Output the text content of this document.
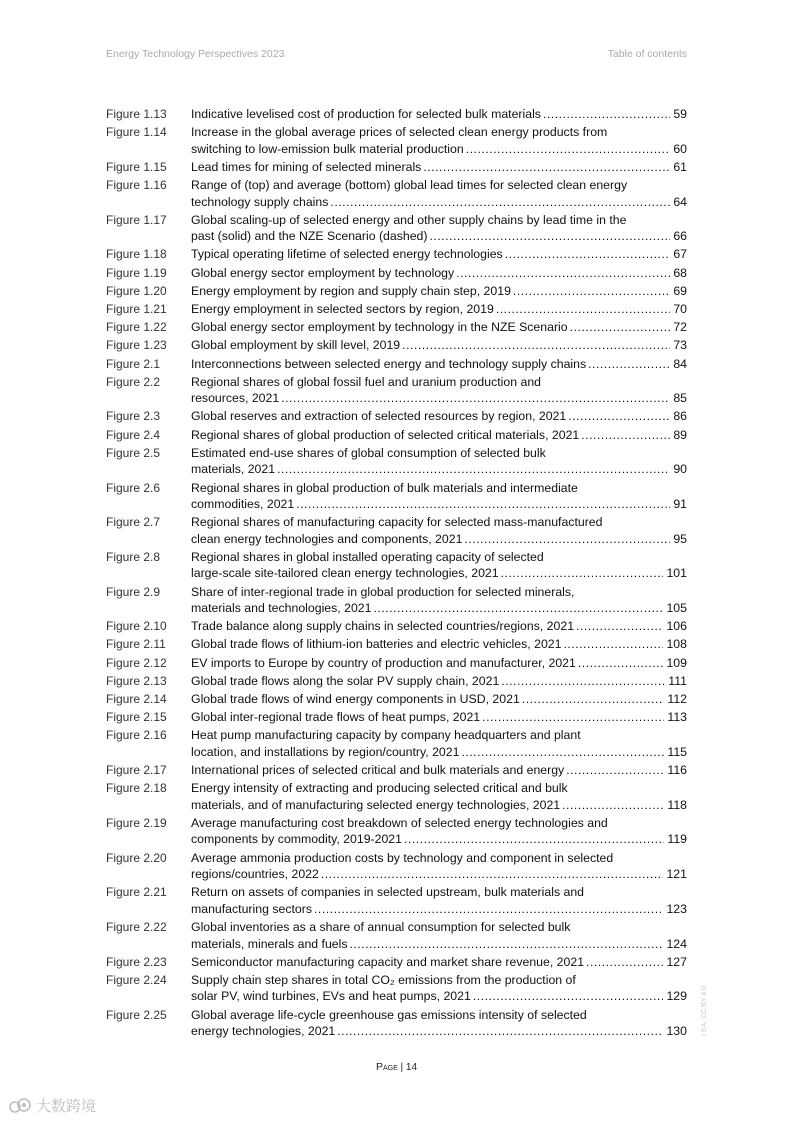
Energy Technology Perspectives 2023	Table of contents
Figure 1.13	Indicative levelised cost of production for selected bulk materials .....	59
Figure 1.14	Increase in the global average prices of selected clean energy products from
switching to low-emission bulk material production .....	60
Figure 1.15	Lead times for mining of selected minerals .....	61
Figure 1.16	Range of (top) and average (bottom) global lead times for selected clean energy
technology supply chains .....	64
Figure 1.17	Global scaling-up of selected energy and other supply chains by lead time in the
past (solid) and the NZE Scenario (dashed) .....	66
Figure 1.18	Typical operating lifetime of selected energy technologies .....	67
Figure 1.19	Global energy sector employment by technology .....	68
Figure 1.20	Energy employment by region and supply chain step, 2019 .....	69
Figure 1.21	Energy employment in selected sectors by region, 2019 .....	70
Figure 1.22	Global energy sector employment by technology in the NZE Scenario .....	72
Figure 1.23	Global employment by skill level, 2019 .....	73
Figure 2.1	Interconnections between selected energy and technology supply chains .....	84
Figure 2.2	Regional shares of global fossil fuel and uranium production and
resources, 2021 .....	85
Figure 2.3	Global reserves and extraction of selected resources by region, 2021 .....	86
Figure 2.4	Regional shares of global production of selected critical materials, 2021 .....	89
Figure 2.5	Estimated end-use shares of global consumption of selected bulk
materials, 2021 .....	90
Figure 2.6	Regional shares in global production of bulk materials and intermediate
commodities, 2021 .....	91
Figure 2.7	Regional shares of manufacturing capacity for selected mass-manufactured
clean energy technologies and components, 2021 .....	95
Figure 2.8	Regional shares in global installed operating capacity of selected
large-scale site-tailored clean energy technologies, 2021 .....	101
Figure 2.9	Share of inter-regional trade in global production for selected minerals,
materials and technologies, 2021 .....	105
Figure 2.10	Trade balance along supply chains in selected countries/regions, 2021 .....	106
Figure 2.11	Global trade flows of lithium-ion batteries and electric vehicles, 2021 .....	108
Figure 2.12	EV imports to Europe by country of production and manufacturer, 2021 .....	109
Figure 2.13	Global trade flows along the solar PV supply chain, 2021 .....	111
Figure 2.14	Global trade flows of wind energy components in USD, 2021 .....	112
Figure 2.15	Global inter-regional trade flows of heat pumps, 2021 .....	113
Figure 2.16	Heat pump manufacturing capacity by company headquarters and plant
location, and installations by region/country, 2021 .....	115
Figure 2.17	International prices of selected critical and bulk materials and energy .....	116
Figure 2.18	Energy intensity of extracting and producing selected critical and bulk
materials, and of manufacturing selected energy technologies, 2021 .....	118
Figure 2.19	Average manufacturing cost breakdown of selected energy technologies and
components by commodity, 2019-2021 .....	119
Figure 2.20	Average ammonia production costs by technology and component in selected
regions/countries, 2022 .....	121
Figure 2.21	Return on assets of companies in selected upstream, bulk materials and
manufacturing sectors .....	123
Figure 2.22	Global inventories as a share of annual consumption for selected bulk
materials, minerals and fuels .....	124
Figure 2.23	Semiconductor manufacturing capacity and market share revenue, 2021 .....	127
Figure 2.24	Supply chain step shares in total CO₂ emissions from the production of
solar PV, wind turbines, EVs and heat pumps, 2021 .....	129
Figure 2.25	Global average life-cycle greenhouse gas emissions intensity of selected
energy technologies, 2021 .....	130
Page | 14
I EA. CC BY 4.0.
大数跨境
